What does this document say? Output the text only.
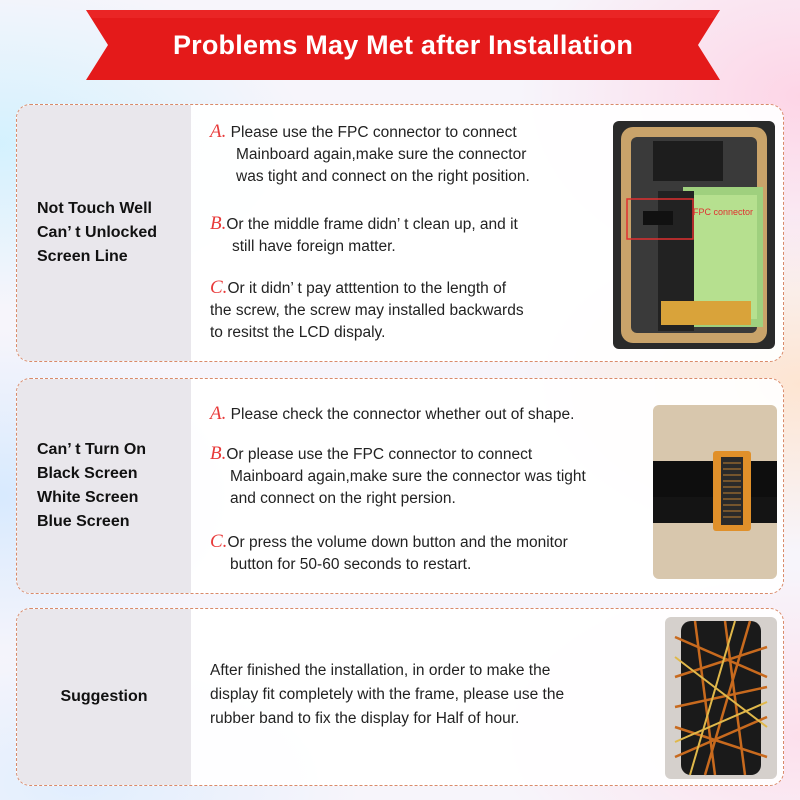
Problems May Met after Installation
Not Touch Well
Can’ t Unlocked
Screen Line
A. Please use the FPC connector to connect
Mainboard again,make sure the connector
was tight and connect on the right position.
B.Or the middle frame didn’ t clean up, and it
still have foreign matter.
C.Or it didn’ t pay atttention to the length of
the screw, the screw may installed backwards
to resitst the LCD dispaly.
FPC connector
Can’ t Turn On
Black Screen
White Screen
Blue Screen
A. Please check the connector whether out of shape.
B.Or please use the FPC connector to connect
Mainboard again,make sure the connector was tight
and connect on the right persion.
C.Or press the volume down button and the monitor
button for 50-60 seconds to restart.
Suggestion
After finished the installation, in order to make the
display fit completely with the frame, please use the
rubber band to fix the display for Half of hour.
